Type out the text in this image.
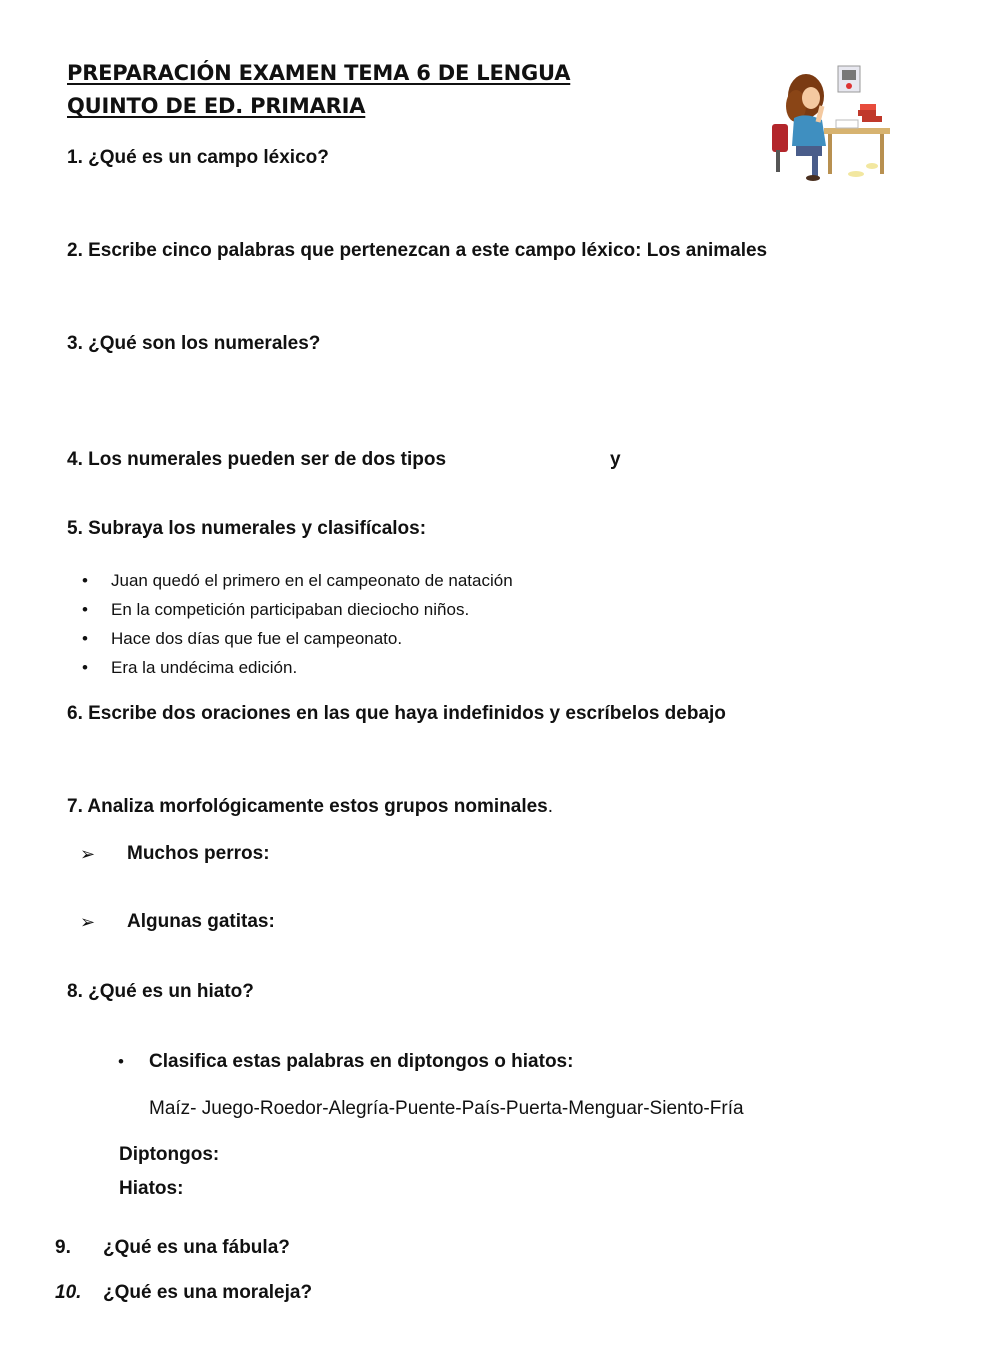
PREPARACIÓN EXAMEN TEMA 6 DE LENGUA
QUINTO DE ED. PRIMARIA
1. ¿Qué es un campo léxico?
2. Escribe cinco palabras que pertenezcan a este campo léxico: Los animales
3. ¿Qué son los numerales?
4. Los numerales pueden ser de dos tipos	y
5. Subraya los numerales y clasifícalos:
• Juan quedó el primero en el campeonato de natación
• En la competición participaban dieciocho niños.
• Hace dos días que fue el campeonato.
• Era la undécima edición.
6. Escribe dos oraciones en las que haya indefinidos y escríbelos debajo
7. Analiza morfológicamente estos grupos nominales.
➢ Muchos perros:
➢ Algunas gatitas:
8. ¿Qué es un hiato?
• Clasifica estas palabras en diptongos o hiatos:
Maíz- Juego-Roedor-Alegría-Puente-País-Puerta-Menguar-Siento-Fría
Diptongos:
Hiatos:
9. ¿Qué es una fábula?
10. ¿Qué es una moraleja?
